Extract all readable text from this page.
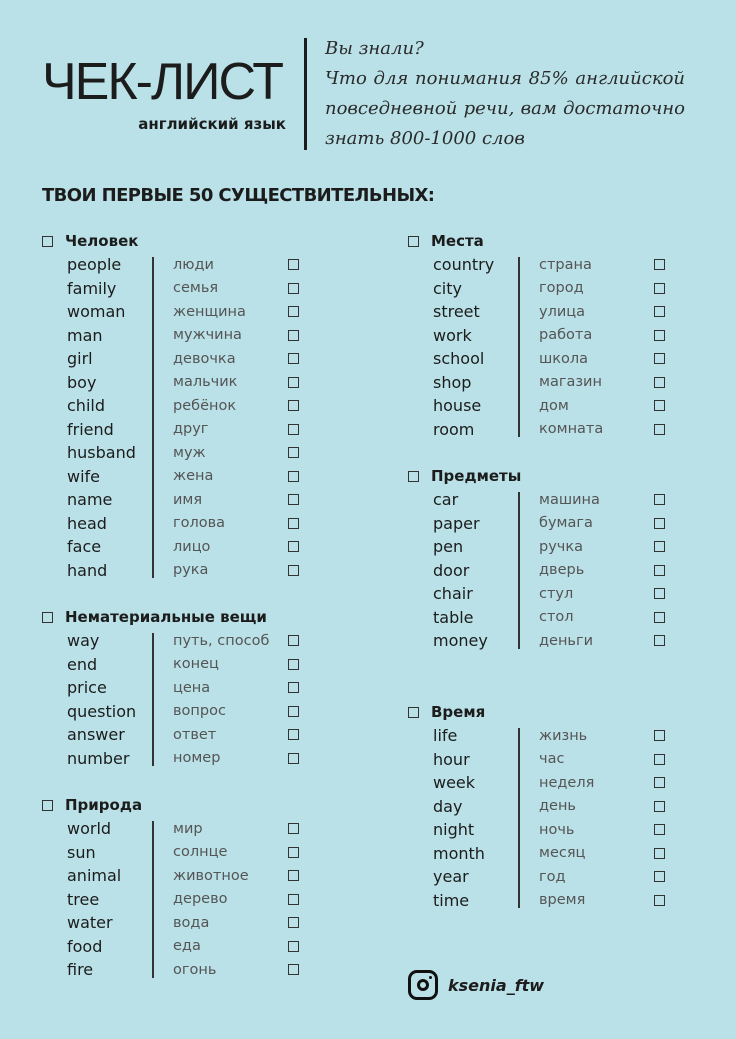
ЧЕК-ЛИСТ
английский язык
Вы знали?
Что для понимания 85% английской
повседневной речи, вам достаточно
знать 800-1000 слов
ТВОИ ПЕРВЫЕ 50 СУЩЕСТВИТЕЛЬНЫХ:
Человек
people	люди
family	семья
woman	женщина
man	мужчина
girl	девочка
boy	мальчик
child	ребёнок
friend	друг
husband	муж
wife	жена
name	имя
head	голова
face	лицо
hand	рука
Нематериальные вещи
way	путь, способ
end	конец
price	цена
question	вопрос
answer	ответ
number	номер
Природа
world	мир
sun	солнце
animal	животное
tree	дерево
water	вода
food	еда
fire	огонь
Места
country	страна
city	город
street	улица
work	работа
school	школа
shop	магазин
house	дом
room	комната
Предметы
car	машина
paper	бумага
pen	ручка
door	дверь
chair	стул
table	стол
money	деньги
Время
life	жизнь
hour	час
week	неделя
day	день
night	ночь
month	месяц
year	год
time	время
ksenia_ftw
